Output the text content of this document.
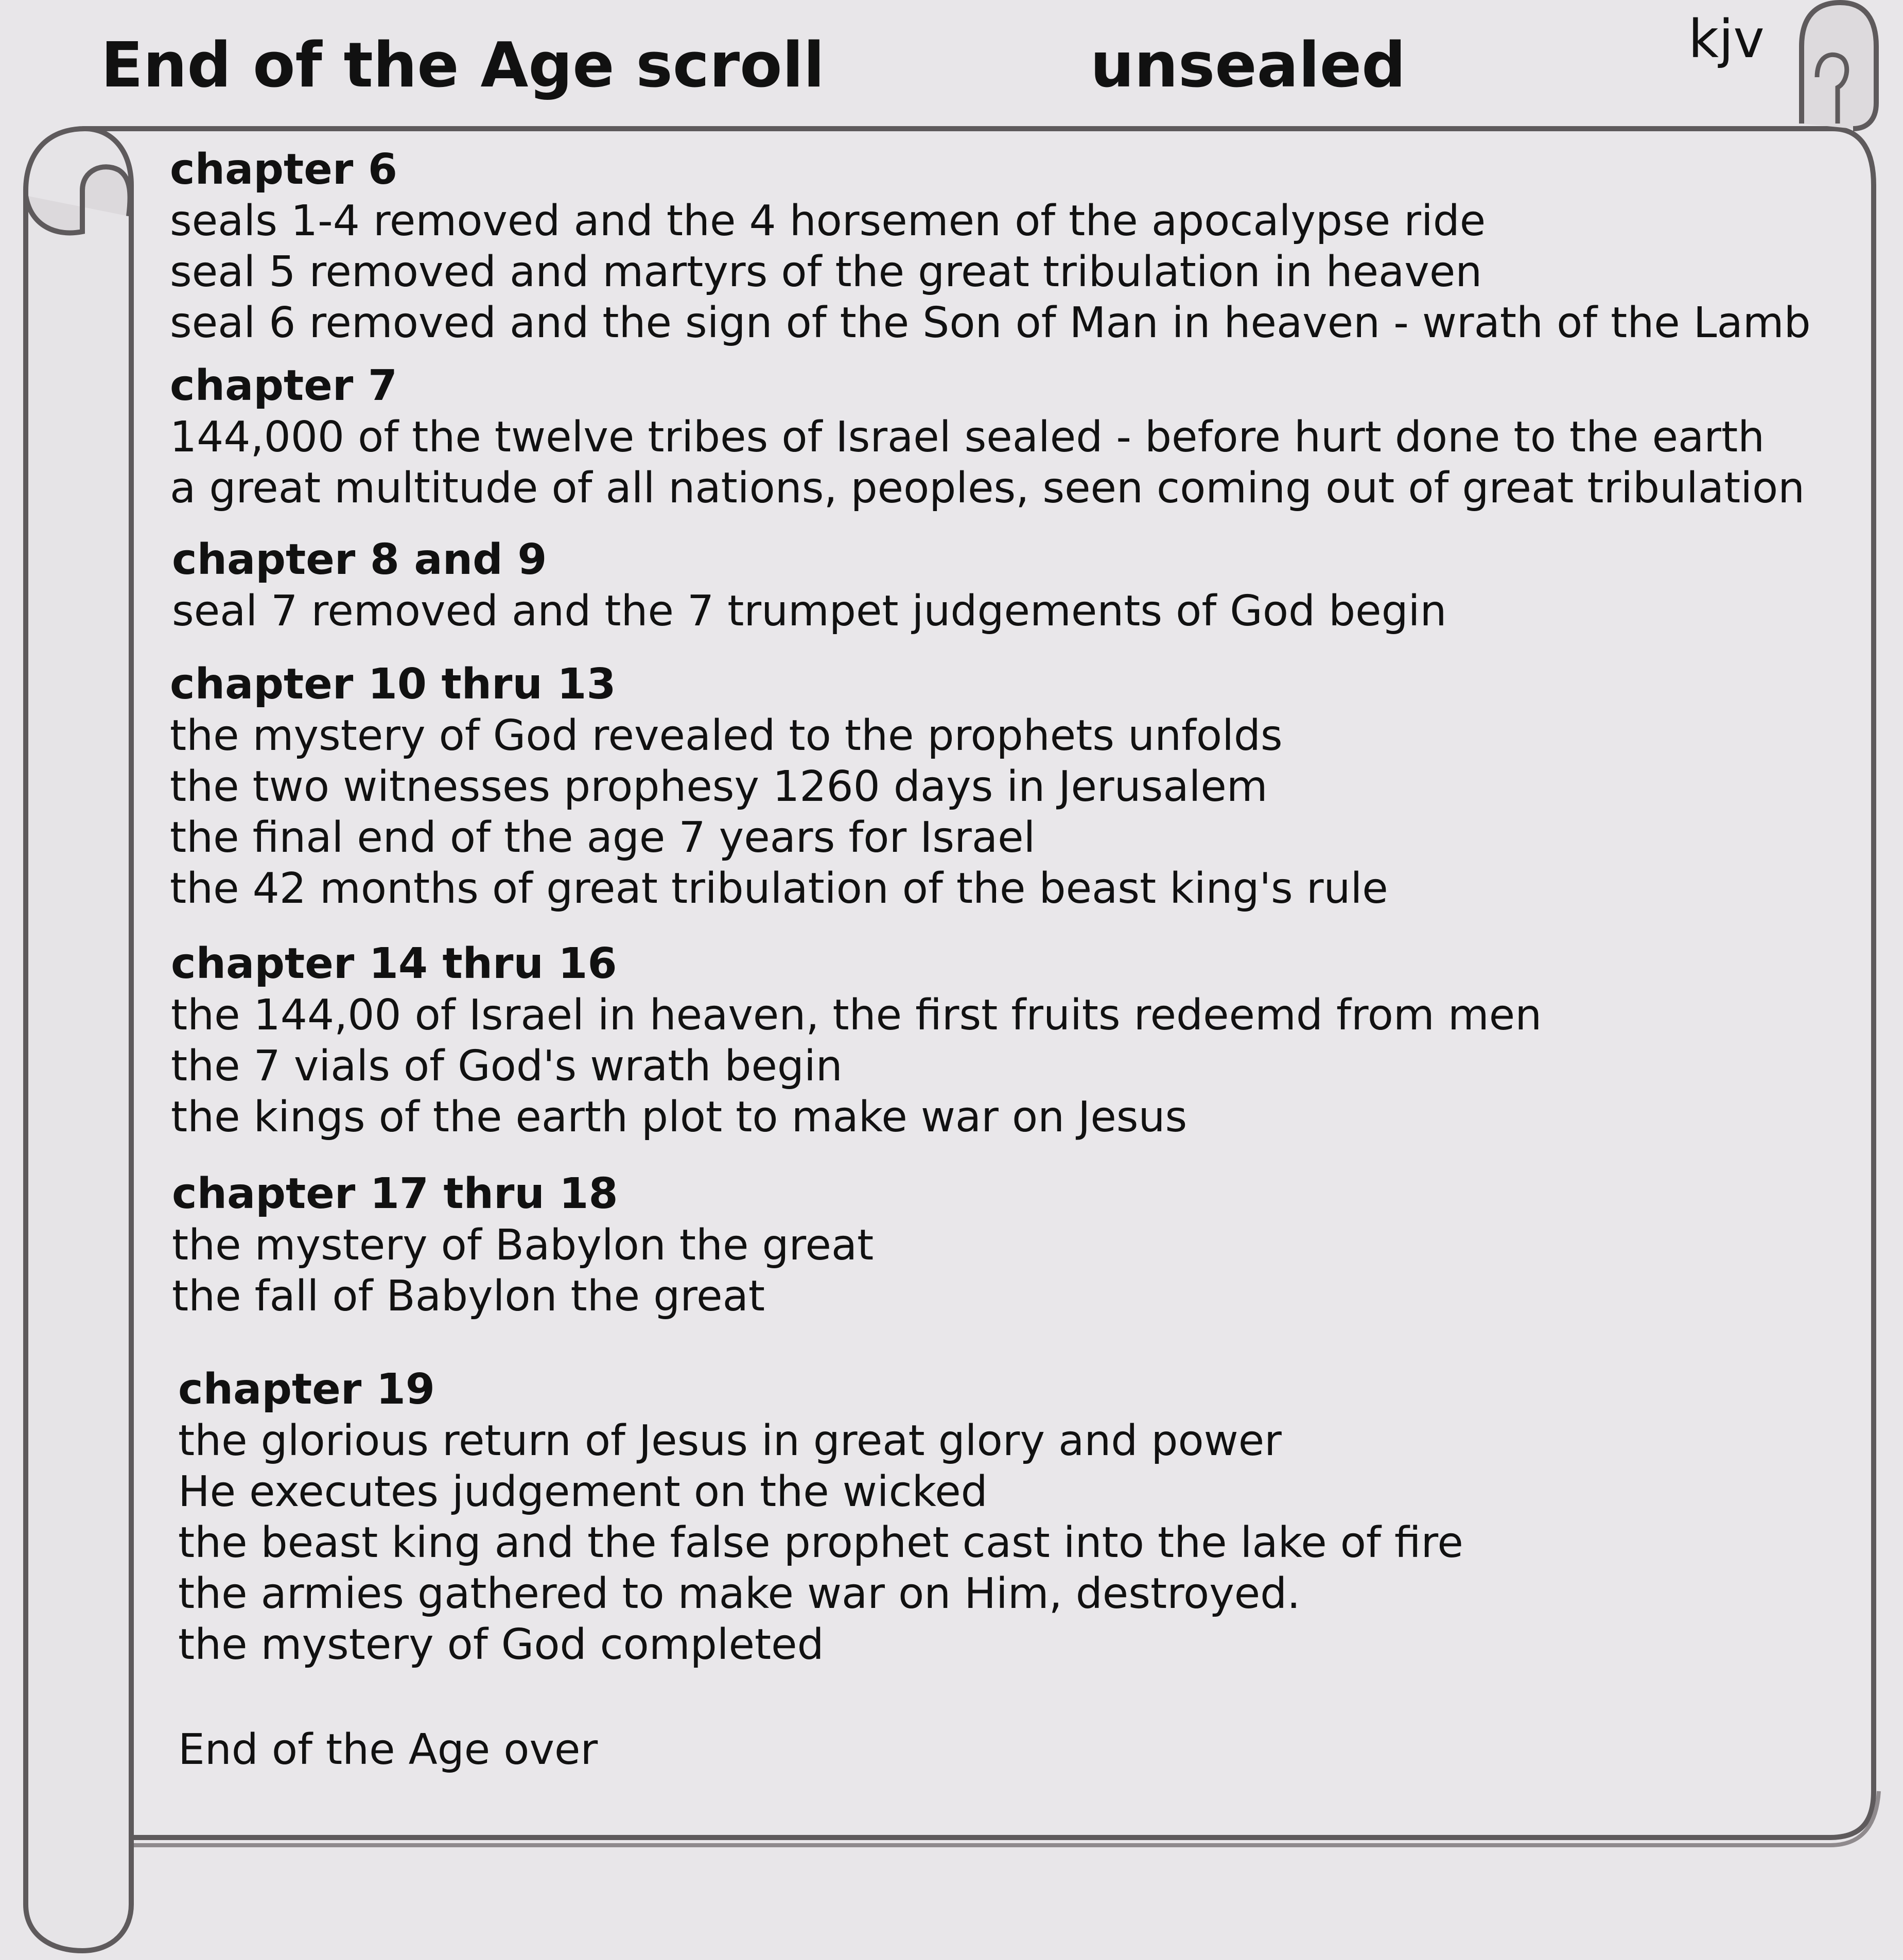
End of the Age scroll	unsealed	kjv
chapter 6
seals 1-4 removed and the 4 horsemen of the apocalypse ride
seal 5 removed and martyrs of the great tribulation in heaven
seal 6 removed and the sign of the Son of Man in heaven - wrath of the Lamb
chapter 7
144,000 of the twelve tribes of Israel sealed - before hurt done to the earth
a great multitude of all nations, peoples, seen coming out of great tribulation
chapter 8 and 9
seal 7 removed and the 7 trumpet judgements of God begin
chapter 10 thru 13
the mystery of God revealed to the prophets unfolds
the two witnesses prophesy 1260 days in Jerusalem
the final end of the age 7 years for Israel
the 42 months of great tribulation of the beast king's rule
chapter 14 thru 16
the 144,00 of Israel in heaven, the first fruits redeemd from men
the 7 vials of God's wrath begin
the kings of the earth plot to make war on Jesus
chapter 17 thru 18
the mystery of Babylon the great
the fall of Babylon the great
chapter 19
the glorious return of Jesus in great glory and power
He executes judgement on the wicked
the beast king and the false prophet cast into the lake of fire
the armies gathered to make war on Him, destroyed.
the mystery of God completed
End of the Age over
